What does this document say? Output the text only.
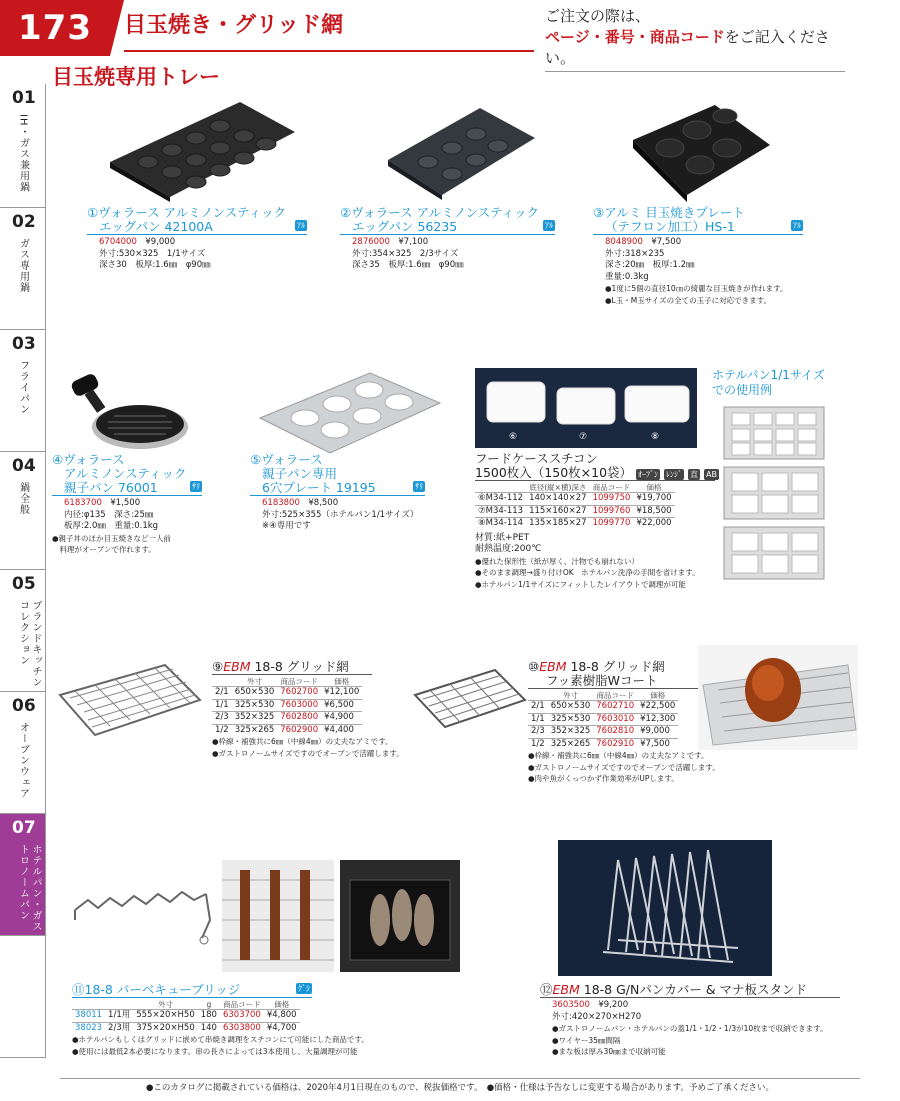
173	目玉焼き・グリッド網	ご注文の際は、
ページ・番号・商品コードをご記入ください。
目玉焼専用トレー
01
IH・ガス兼用鍋
02
ガス専用鍋
03
フライパン
04
鍋全般
05
ブランドキッチンコレクション
06
オーブンウェア
07
ホテルパン・ガストロノームパン
①ヴォラース アルミノンスティック
エッグパン 42100A	ｱﾙ
6704000　 ¥9,000
外寸:530×325　1/1サイズ
深さ30　板厚:1.6㎜　φ90㎜
②ヴォラース アルミノンスティック
エッグパン 56235	ｱﾙ
2876000　 ¥7,100
外寸:354×325　2/3サイズ
深さ35　板厚:1.6㎜　φ90㎜
③アルミ 目玉焼きプレート
（テフロン加工）HS-1	ｱﾙ
8048900　 ¥7,500
外寸:318×235
深さ:20㎜　板厚:1.2㎜
重量:0.3kg
●1度に5個の直径10㎝の綺麗な目玉焼きが作れます。
●L玉・M玉サイズの全ての玉子に対応できます。
④ヴォラース
アルミノンスティック
親子パン 76001	ｻﾘ
6183700　 ¥1,500
内径:φ135　深さ:25㎜
板厚:2.0㎜　重量:0.1kg
●親子丼のほか目玉焼きなど一人前
　料理がオーブンで作れます。
⑤ヴォラース
親子パン専用
6穴プレート 19195	ｻﾘ
6183800　 ¥8,500
外寸:525×355（ホテルパン1/1サイズ）
※④専用です
⑥	⑦	⑧
フードケーススチコン
1500枚入（150枚×10袋） ｵｰﾌﾞﾝ ﾚﾝｼﾞ 直 AB
	底径(縦×横)深さ	商品コード	価格
⑥M34-112	140×140×27	1099750	¥19,700
⑦M34-113	115×160×27	1099760	¥18,500
⑧M34-114	135×185×27	1099770	¥22,000
材質:紙+PET
耐熱温度:200℃
●優れた保形性（紙が厚く、汁物でも崩れない）
●そのまま調理→盛り付けOK　ホテルパン洗浄の手間を省けます。
●ホテルパン1/1サイズにフィットしたレイアウトで調理が可能
ホテルパン1/1サイズ
での使用例
⑨EBM 18-8 グリッド網
	外寸	商品コード	価格
2/1	650×530	7602700	¥12,100
1/1	325×530	7603000	¥6,500
2/3	352×325	7602800	¥4,900
1/2	325×265	7602900	¥4,400
●枠線・補強共に6㎜（中線4㎜）の丈夫なアミです。
●ガストロノームサイズですのでオーブンで活躍します。
⑩EBM 18-8 グリッド網
フッ素樹脂Wコート
	外寸	商品コード	価格
2/1	650×530	7602710	¥22,500
1/1	325×530	7603010	¥12,300
2/3	352×325	7602810	¥9,000
1/2	325×265	7602910	¥7,500
●枠線・補強共に6㎜（中線4㎜）の丈夫なアミです。
●ガストロノームサイズですのでオーブンで活躍します。
●肉や魚がくっつかず作業効率がUPします。
⑪18-8 バーベキューブリッジ	ｸﾞｼ
		外寸	g	商品コード	価格
38011	1/1用	555×20×H50	180	6303700	¥4,800
38023	2/3用	375×20×H50	140	6303800	¥4,700
●ホテルパンもしくはグリッドに嵌めて串焼き調理をスチコンにて可能にした商品です。
●使用には最低2本必要になります。串の長さによっては3本使用し、大量調理が可能
⑫EBM 18-8 G/Nパンカバー & マナ板スタンド
3603500　 ¥9,200
外寸:420×270×H270
●ガストロノームパン・ホテルパンの蓋1/1・1/2・1/3が10枚まで収納できます。
●ワイヤー35㎜間隔
●まな板は厚み30㎜まで収納可能
●このカタログに掲載されている価格は、2020年4月1日現在のもので、税抜価格です。　●価格・仕様は予告なしに変更する場合があります。予めご了承ください。
